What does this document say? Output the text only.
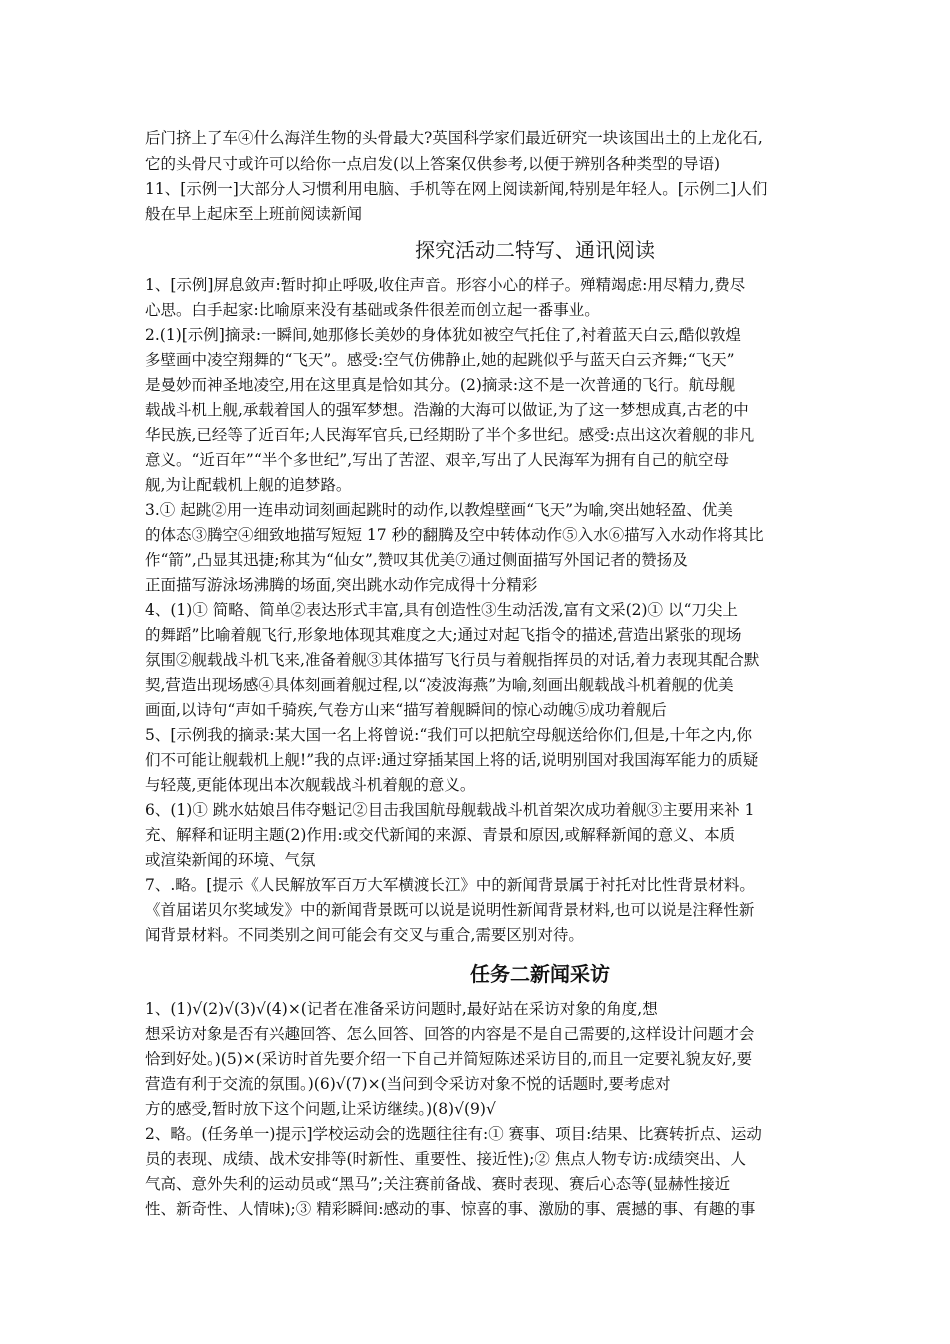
后门挤上了车④什么海洋生物的头骨最大?英国科学家们最近研究一块该国出土的上龙化石,
它的头骨尺寸或许可以给你一点启发(以上答案仅供参考,以便于辨别各种类型的导语)
11、[示例一]大部分人习惯利用电脑、手机等在网上阅读新闻,特别是年轻人。[示例二]人们
般在早上起床至上班前阅读新闻
探究活动二特写、通讯阅读
1、[示例]屏息敛声:暂时抑止呼吸,收住声音。形容小心的样子。殚精竭虑:用尽精力,费尽
心思。白手起家:比喻原来没有基础或条件很差而创立起一番事业。
2.(1)[示例]摘录:一瞬间,她那修长美妙的身体犹如被空气托住了,衬着蓝天白云,酷似敦煌
多壁画中凌空翔舞的“飞天”。感受:空气仿佛静止,她的起跳似乎与蓝天白云齐舞;“飞天”
是曼妙而神圣地凌空,用在这里真是恰如其分。(2)摘录:这不是一次普通的飞行。航母舰
载战斗机上舰,承载着国人的强军梦想。浩瀚的大海可以做证,为了这一梦想成真,古老的中
华民族,已经等了近百年;人民海军官兵,已经期盼了半个多世纪。感受:点出这次着舰的非凡
意义。“近百年”“半个多世纪”,写出了苦涩、艰辛,写出了人民海军为拥有自己的航空母
舰,为让配载机上舰的追梦路。
3.① 起跳②用一连串动词刻画起跳时的动作,以教煌壁画“飞天”为喻,突出她轻盈、优美
的体态③腾空④细致地描写短短 17 秒的翻腾及空中转体动作⑤入水⑥描写入水动作将其比
作“箭”,凸显其迅捷;称其为“仙女”,赞叹其优美⑦通过侧面描写外国记者的赞扬及
正面描写游泳场沸腾的场面,突出跳水动作完成得十分精彩
4、(1)① 简略、简单②表达形式丰富,具有创造性③生动活泼,富有文采(2)① 以“刀尖上
的舞蹈”比喻着舰飞行,形象地体现其难度之大;通过对起飞指令的描述,营造出紧张的现场
氛围②舰载战斗机飞来,准备着舰③其体描写飞行员与着舰指挥员的对话,着力表现其配合默
契,营造出现场感④具体刻画着舰过程,以“凌波海燕”为喻,刻画出舰载战斗机着舰的优美
画面,以诗句“声如千骑疾,气卷方山来“描写着舰瞬间的惊心动魄⑤成功着舰后
5、[示例我的摘录:某大国一名上将曾说:“我们可以把航空母舰送给你们,但是,十年之内,你
们不可能让舰载机上舰!”我的点评:通过穿插某国上将的话,说明别国对我国海军能力的质疑
与轻蔑,更能体现出本次舰载战斗机着舰的意义。
6、(1)① 跳水姑娘吕伟夺魁记②目击我国航母舰载战斗机首架次成功着舰③主要用来补 1
充、解释和证明主题(2)作用:或交代新闻的来源、青景和原因,或解释新闻的意义、本质
或渲染新闻的环境、气氛
7、.略。[提示《人民解放军百万大军横渡长江》中的新闻背景属于衬托对比性背景材料。
《首届诺贝尔奖域发》中的新闻背景既可以说是说明性新闻背景材料,也可以说是注释性新
闻背景材料。不同类别之间可能会有交叉与重合,需要区别对待。
任务二新闻采访
1、(1)√(2)√(3)√(4)×(记者在准备采访问题时,最好站在采访对象的角度,想
想采访对象是否有兴趣回答、怎么回答、回答的内容是不是自己需要的,这样设计问题才会
恰到好处。)(5)×(采访时首先要介绍一下自己并简短陈述采访目的,而且一定要礼貌友好,要
营造有利于交流的氛围。)(6)√(7)×(当问到令采访对象不悦的话题时,要考虑对
方的感受,暂时放下这个问题,让采访继续。)(8)√(9)√
2、略。(任务单一)提示]学校运动会的选题往往有:① 赛事、项目:结果、比赛转折点、运动
员的表现、成绩、战术安排等(时新性、重要性、接近性);② 焦点人物专访:成绩突出、人
气高、意外失利的运动员或“黑马”;关注赛前备战、赛时表现、赛后心态等(显赫性接近
性、新奇性、人情味);③ 精彩瞬间:感动的事、惊喜的事、激励的事、震撼的事、有趣的事
